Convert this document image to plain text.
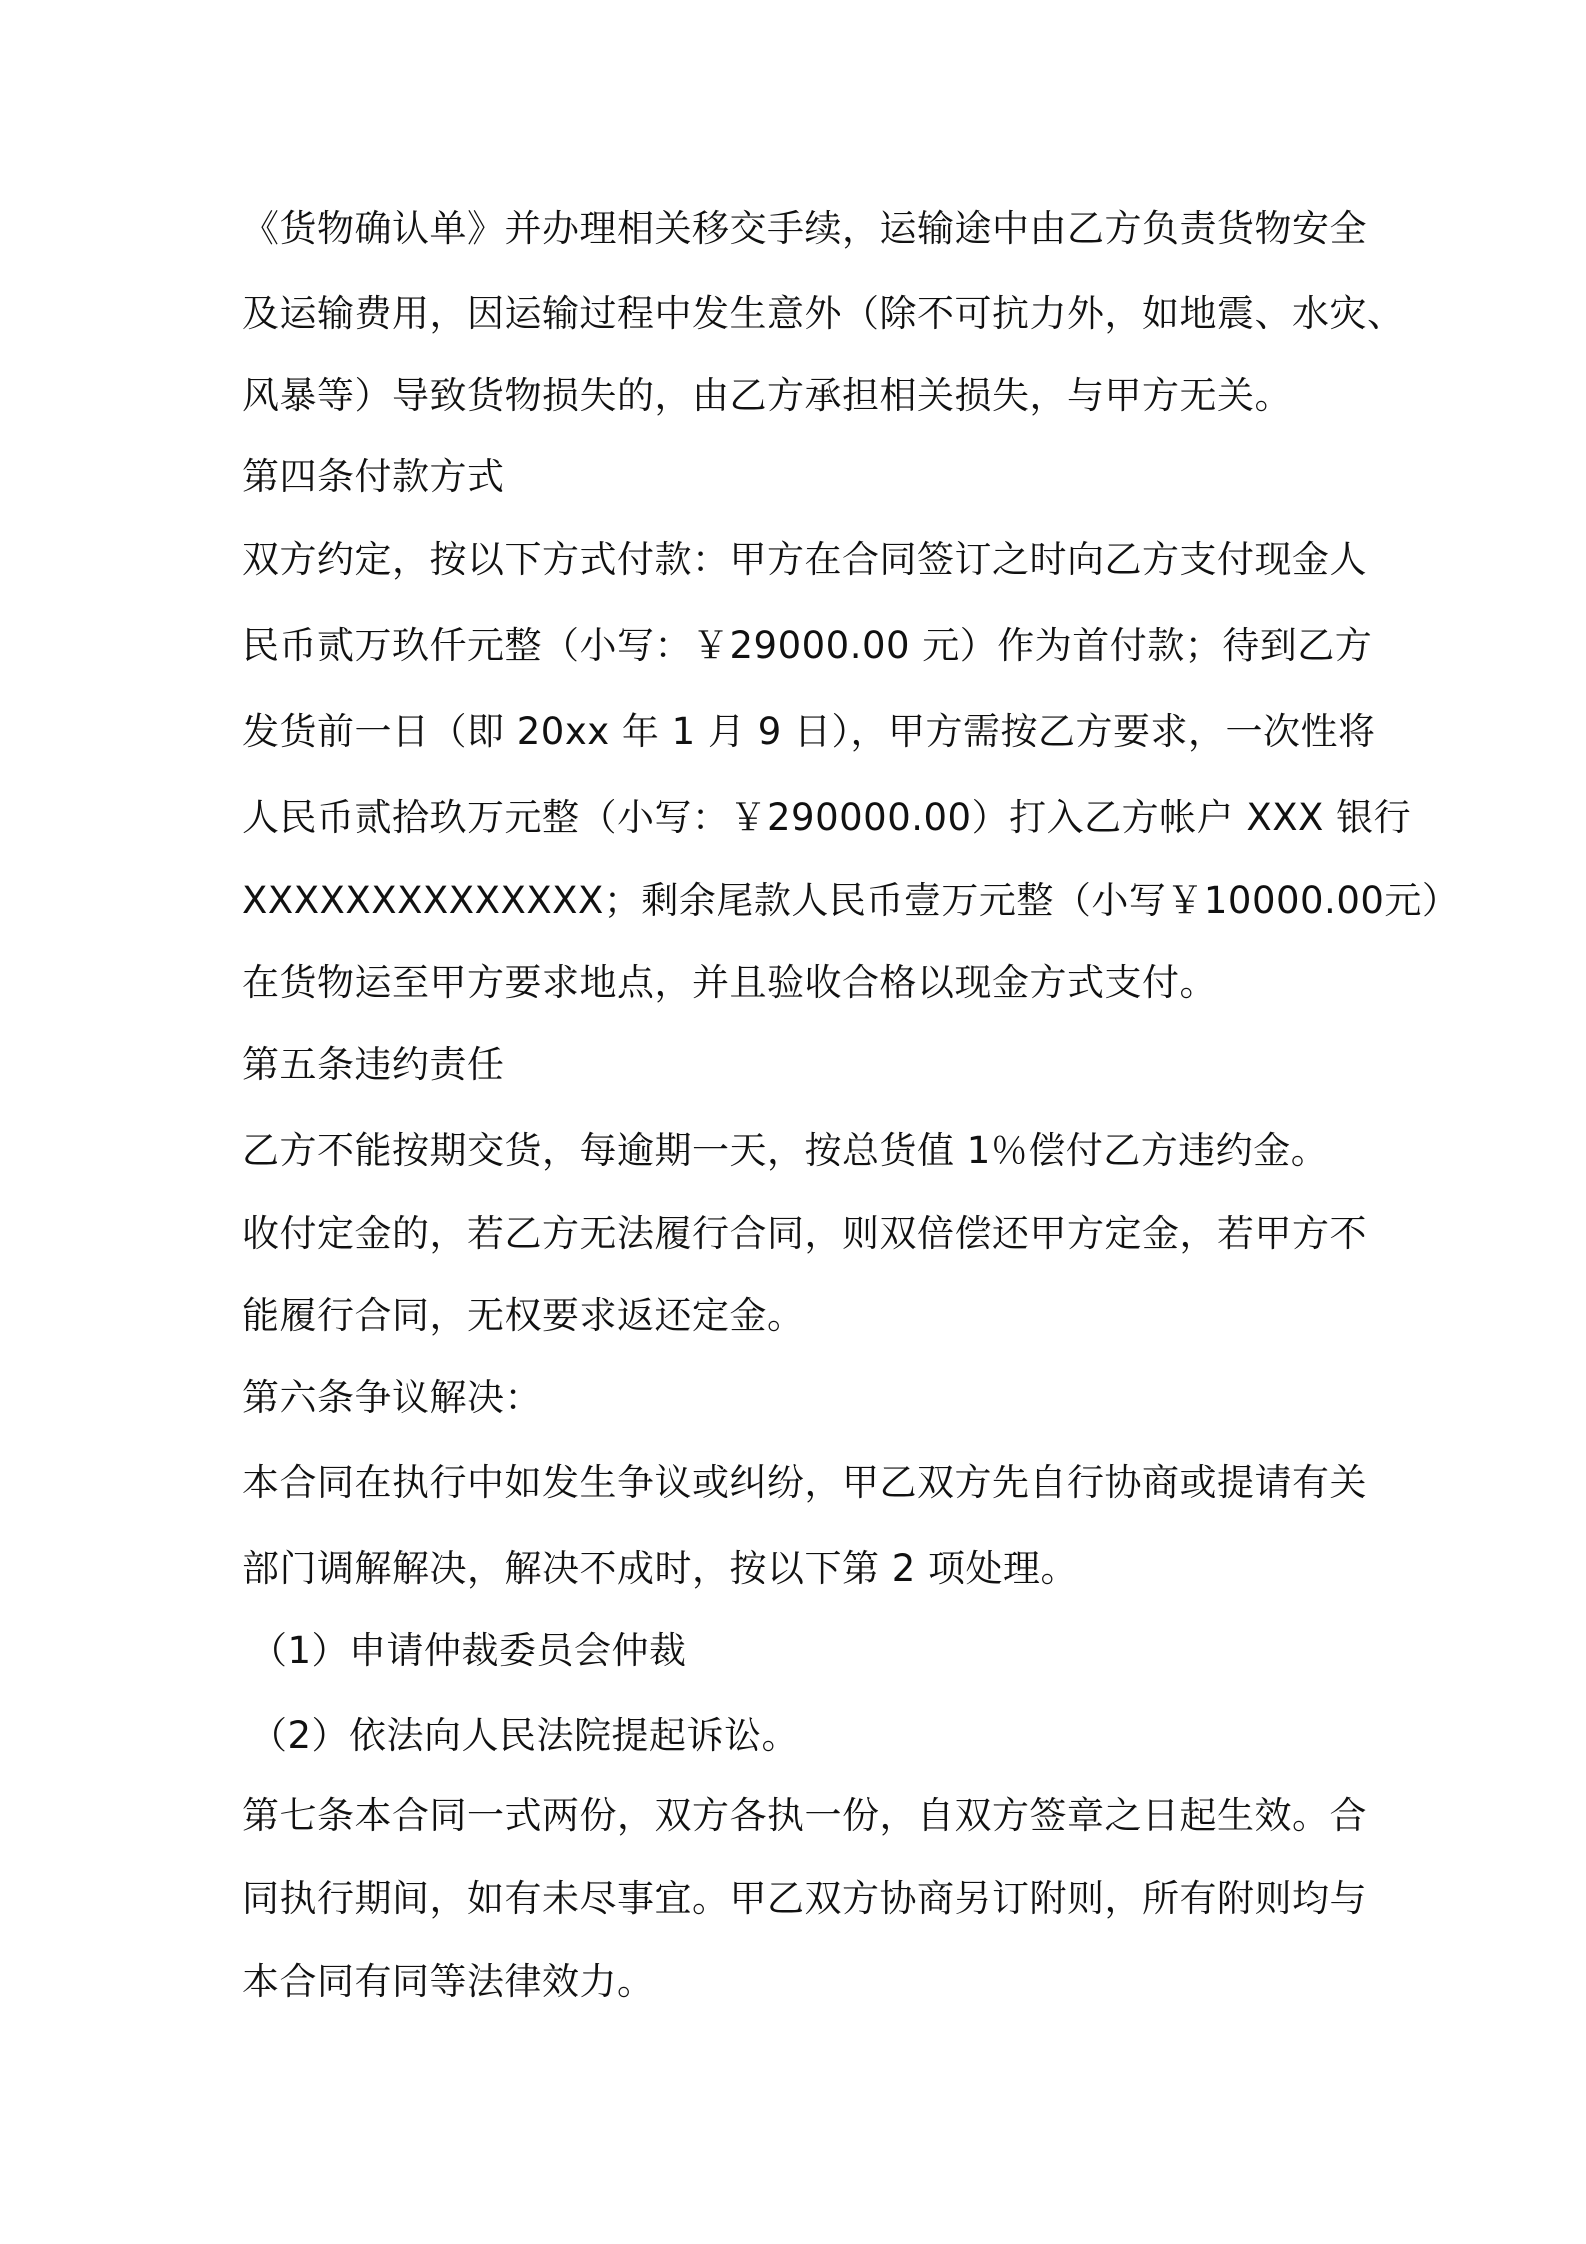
《货物确认单》并办理相关移交手续，运输途中由乙方负责货物安全
及运输费用，因运输过程中发生意外（除不可抗力外，如地震、水灾、
风暴等）导致货物损失的，由乙方承担相关损失，与甲方无关。
第四条付款方式
双方约定，按以下方式付款：甲方在合同签订之时向乙方支付现金人
民币贰万玖仟元整（小写：￥29000.00 元）作为首付款；待到乙方
发货前一日（即 20xx 年 1 月 9 日），甲方需按乙方要求，一次性将
人民币贰拾玖万元整（小写：￥290000.00）打入乙方帐户 XXX 银行
XXXXXXXXXXXXXX；剩余尾款人民币壹万元整（小写￥10000.00元）
在货物运至甲方要求地点，并且验收合格以现金方式支付。
第五条违约责任
乙方不能按期交货，每逾期一天，按总货值 1％偿付乙方违约金。
收付定金的，若乙方无法履行合同，则双倍偿还甲方定金，若甲方不
能履行合同，无权要求返还定金。
第六条争议解决：
本合同在执行中如发生争议或纠纷，甲乙双方先自行协商或提请有关
部门调解解决，解决不成时，按以下第 2 项处理。
（1）申请仲裁委员会仲裁
（2）依法向人民法院提起诉讼。
第七条本合同一式两份，双方各执一份，自双方签章之日起生效。合
同执行期间，如有未尽事宜。甲乙双方协商另订附则，所有附则均与
本合同有同等法律效力。
